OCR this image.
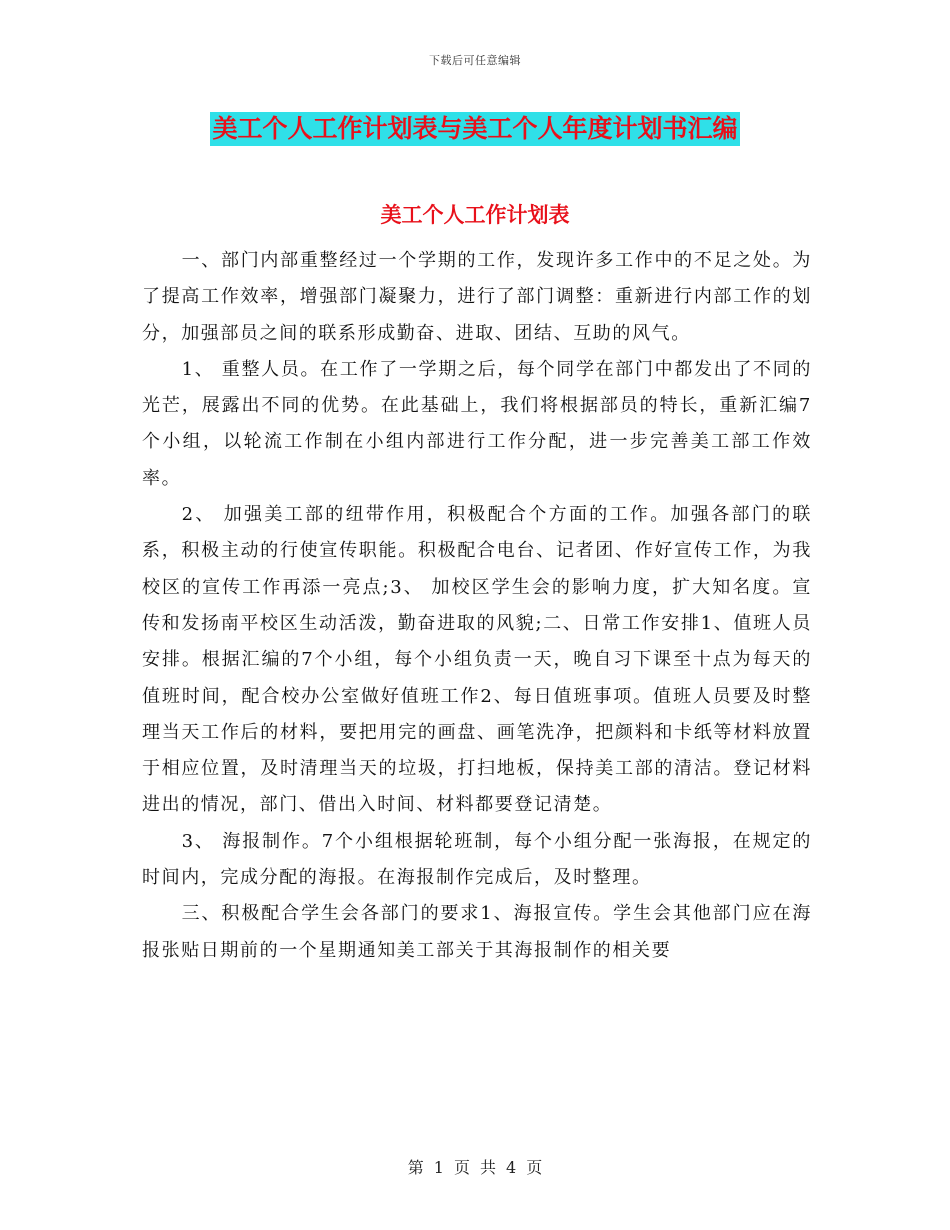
下载后可任意编辑
美工个人工作计划表与美工个人年度计划书汇编
美工个人工作计划表

一、部门内部重整经过一个学期的工作，发现许多工作中的不足之处。为了提高工作效率，增强部门凝聚力，进行了部门调整：重新进行内部工作的划分，加强部员之间的联系形成勤奋、进取、团结、互助的风气。

1、 重整人员。在工作了一学期之后，每个同学在部门中都发出了不同的光芒，展露出不同的优势。在此基础上，我们将根据部员的特长，重新汇编7个小组，以轮流工作制在小组内部进行工作分配，进一步完善美工部工作效率。

2、 加强美工部的纽带作用，积极配合个方面的工作。加强各部门的联系，积极主动的行使宣传职能。积极配合电台、记者团、作好宣传工作，为我校区的宣传工作再添一亮点;3、 加校区学生会的影响力度，扩大知名度。宣传和发扬南平校区生动活泼，勤奋进取的风貌;二、日常工作安排1、值班人员安排。根据汇编的7个小组，每个小组负责一天，晚自习下课至十点为每天的值班时间，配合校办公室做好值班工作2、每日值班事项。值班人员要及时整理当天工作后的材料，要把用完的画盘、画笔洗净，把颜料和卡纸等材料放置于相应位置，及时清理当天的垃圾，打扫地板，保持美工部的清洁。登记材料进出的情况，部门、借出入时间、材料都要登记清楚。

3、 海报制作。7个小组根据轮班制，每个小组分配一张海报，在规定的时间内，完成分配的海报。在海报制作完成后，及时整理。

三、积极配合学生会各部门的要求1、海报宣传。学生会其他部门应在海报张贴日期前的一个星期通知美工部关于其海报制作的相关要

第 1 页 共 4 页
